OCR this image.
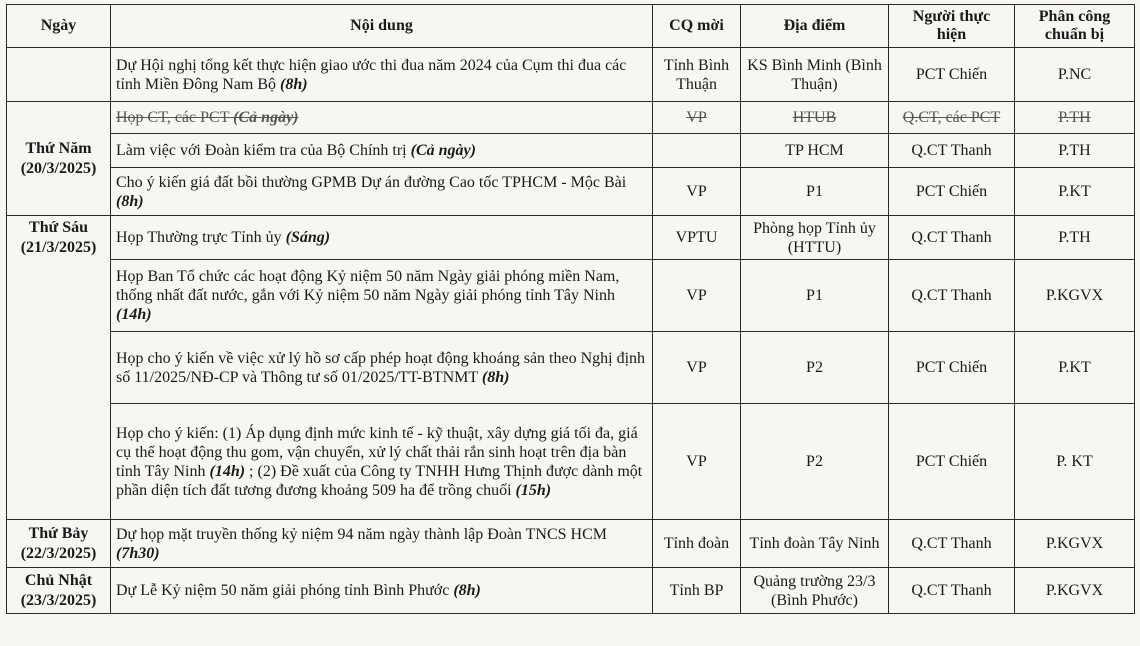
Ngày	Nội dung	CQ mời	Địa điểm	Người thực hiện	Phân công chuẩn bị
	Dự Hội nghị tổng kết thực hiện giao ước thi đua năm 2024 của Cụm thi đua các tỉnh Miền Đông Nam Bộ (8h)	Tỉnh Bình Thuận	KS Bình Minh (Bình Thuận)	PCT Chiến	P.NC
Thứ Năm (20/3/2025)	Họp CT, các PCT (Cả ngày)	VP	HTUB	Q.CT, các PCT	P.TH
	Làm việc với Đoàn kiểm tra của Bộ Chính trị (Cả ngày)		TP HCM	Q.CT Thanh	P.TH
	Cho ý kiến giá đất bồi thường GPMB Dự án đường Cao tốc TPHCM - Mộc Bài (8h)	VP	P1	PCT Chiến	P.KT
Thứ Sáu (21/3/2025)	Họp Thường trực Tỉnh ủy (Sáng)	VPTU	Phòng họp Tỉnh ủy (HTTU)	Q.CT Thanh	P.TH
	Họp Ban Tổ chức các hoạt động Kỷ niệm 50 năm Ngày giải phóng miền Nam, thống nhất đất nước, gắn với Kỷ niệm 50 năm Ngày giải phóng tỉnh Tây Ninh (14h)	VP	P1	Q.CT Thanh	P.KGVX
	Họp cho ý kiến về việc xử lý hồ sơ cấp phép hoạt động khoáng sản theo Nghị định số 11/2025/NĐ-CP và Thông tư số 01/2025/TT-BTNMT (8h)	VP	P2	PCT Chiến	P.KT
	Họp cho ý kiến: (1) Áp dụng định mức kinh tế - kỹ thuật, xây dựng giá tối đa, giá cụ thể hoạt động thu gom, vận chuyển, xử lý chất thải rắn sinh hoạt trên địa bàn tỉnh Tây Ninh (14h) ; (2) Đề xuất của Công ty TNHH Hưng Thịnh được dành một phần diện tích đất tương đương khoảng 509 ha để trồng chuối (15h)	VP	P2	PCT Chiến	P. KT
Thứ Bảy (22/3/2025)	Dự họp mặt truyền thống kỷ niệm 94 năm ngày thành lập Đoàn TNCS HCM (7h30)	Tỉnh đoàn	Tỉnh đoàn Tây Ninh	Q.CT Thanh	P.KGVX
Chủ Nhật (23/3/2025)	Dự Lễ Kỷ niệm 50 năm giải phóng tỉnh Bình Phước (8h)	Tỉnh BP	Quảng trường 23/3 (Bình Phước)	Q.CT Thanh	P.KGVX
